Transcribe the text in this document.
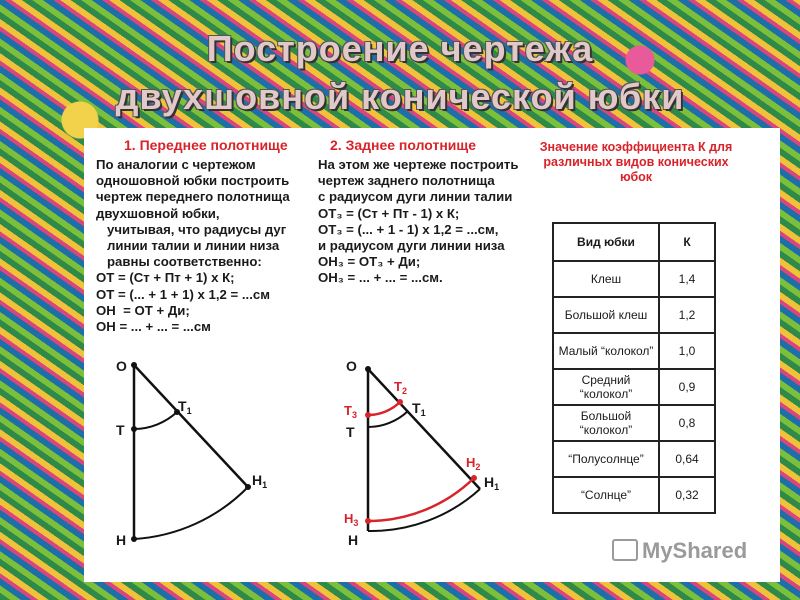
Построение чертежа
двухшовной конической юбки
1. Переднее полотнище
По аналогии с чертежом
одношовной юбки построить
чертеж переднего полотнища
двухшовной юбки,
учитывая, что радиусы дуг
линии талии и линии низа
равны соответственно:
ОТ = (Ст + Пт + 1) х К;
ОТ = (... + 1 + 1) х 1,2 = ...см
ОН  = ОТ + Ди;
ОН = ... + ... = ...см
2. Заднее полотнище
На этом же чертеже построить
чертеж заднего полотнища
с радиусом дуги линии талии
ОТ₃ = (Ст + Пт - 1) х К;
ОТ₃ = (... + 1 - 1) х 1,2 = ...см,
и радиусом дуги линии низа
ОН₃ = ОТ₃ + Ди;
ОН₃ = ... + ... = ...см.
Значение коэффициента К для различных видов конических юбок
Вид юбки	К
Клеш	1,4
Большой клеш	1,2
Малый “колокол”	1,0
Средний “колокол”	0,9
Большой “колокол”	0,8
“Полусолнце”	0,64
“Солнце”	0,32
О
Т
Н
$Т_1$
$Н_1$
О
$Т_3$
Т
$Т_2$
$Т_1$
$Н_2$
$Н_1$
$Н_3$
Н	MyShared
